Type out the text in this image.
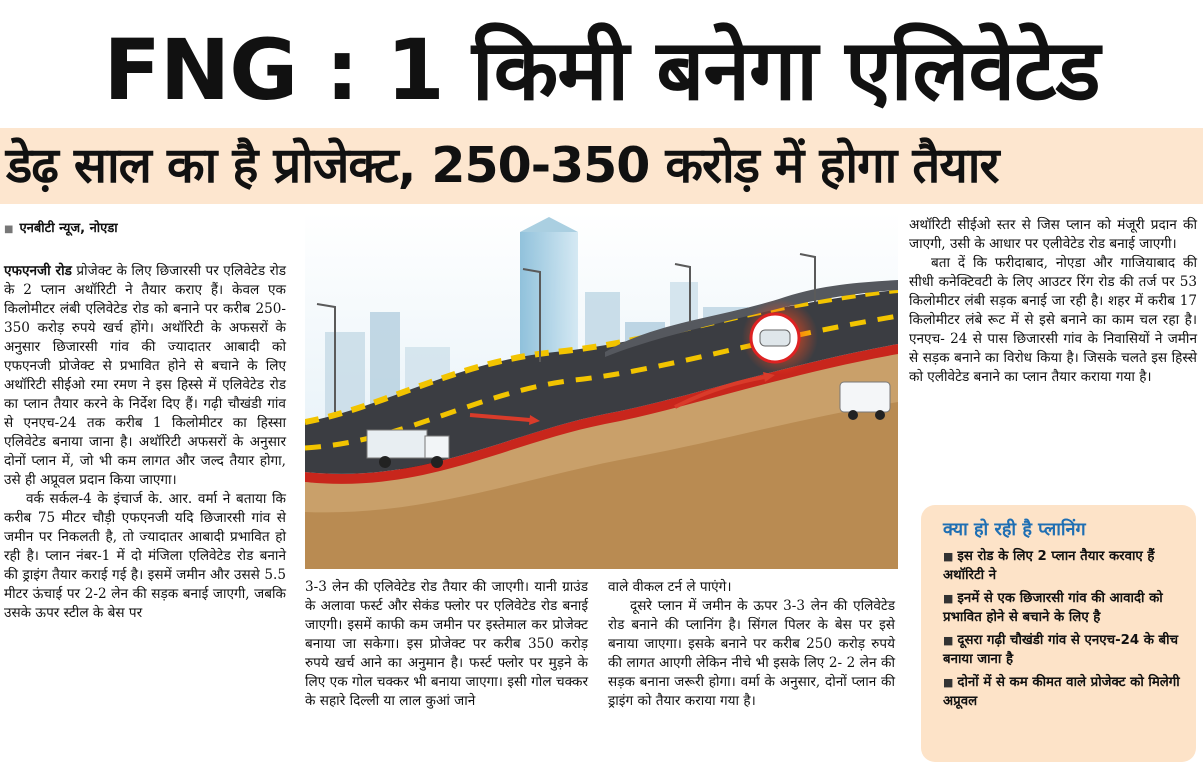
FNG : 1 किमी बनेगा एलिवेटेड
डेढ़ साल का है प्रोजेक्ट, 250-350 करोड़ में होगा तैयार
■ एनबीटी न्यूज, नोएडा

एफएनजी रोड प्रोजेक्ट के लिए छिजारसी पर एलिवेटेड रोड के 2 प्लान अथॉरिटी ने तैयार कराए हैं। केवल एक किलोमीटर लंबी एलिवेटेड रोड को बनाने पर करीब 250-350 करोड़ रुपये खर्च होंगे। अथॉरिटी के अफसरों के अनुसार छिजारसी गांव की ज्यादातर आबादी को एफएनजी प्रोजेक्ट से प्रभावित होने से बचाने के लिए अथॉरिटी सीईओ रमा रमण ने इस हिस्से में एलिवेटेड रोड का प्लान तैयार करने के निर्देश दिए हैं। गढ़ी चौखंडी गांव से एनएच-24 तक करीब 1 किलोमीटर का हिस्सा एलिवेटेड बनाया जाना है। अथॉरिटी अफसरों के अनुसार दोनों प्लान में, जो भी कम लागत और जल्द तैयार होगा, उसे ही अप्रूवल प्रदान किया जाएगा।

वर्क सर्कल-4 के इंचार्ज के. आर. वर्मा ने बताया कि करीब 75 मीटर चौड़ी एफएनजी यदि छिजारसी गांव से जमीन पर निकलती है, तो ज्यादातर आबादी प्रभावित हो रही है। प्लान नंबर-1 में दो मंजिला एलिवेटेड रोड बनाने की ड्राइंग तैयार कराई गई है। इसमें जमीन और उससे 5.5 मीटर ऊंचाई पर 2-2 लेन की सड़क बनाई जाएगी, जबकि उसके ऊपर स्टील के बेस पर

3-3 लेन की एलिवेटेड रोड तैयार की जाएगी। यानी ग्राउंड के अलावा फर्स्ट और सेकंड फ्लोर पर एलिवेटेड रोड बनाई जाएगी। इसमें काफी कम जमीन पर इस्तेमाल कर प्रोजेक्ट बनाया जा सकेगा। इस प्रोजेक्ट पर करीब 350 करोड़ रुपये खर्च आने का अनुमान है। फर्स्ट फ्लोर पर मुड़ने के लिए एक गोल चक्कर भी बनाया जाएगा। इसी गोल चक्कर के सहारे दिल्ली या लाल कुआं जाने

वाले वीकल टर्न ले पाएंगे।

दूसरे प्लान में जमीन के ऊपर 3-3 लेन की एलिवेटेड रोड बनाने की प्लानिंग है। सिंगल पिलर के बेस पर इसे बनाया जाएगा। इसके बनाने पर करीब 250 करोड़ रुपये की लागत आएगी लेकिन नीचे भी इसके लिए 2- 2 लेन की सड़क बनाना जरूरी होगा। वर्मा के अनुसार, दोनों प्लान की ड्राइंग को तैयार कराया गया है।

अथॉरिटी सीईओ स्तर से जिस प्लान को मंजूरी प्रदान की जाएगी, उसी के आधार पर एलीवेटेड रोड बनाई जाएगी।

बता दें कि फरीदाबाद, नोएडा और गाजियाबाद की सीधी कनेक्टिवटी के लिए आउटर रिंग रोड की तर्ज पर 53 किलोमीटर लंबी सड़क बनाई जा रही है। शहर में करीब 17 किलोमीटर लंबे रूट में से इसे बनाने का काम चल रहा है। एनएच- 24 से पास छिजारसी गांव के निवासियों ने जमीन से सड़क बनाने का विरोध किया है। जिसके चलते इस हिस्से को एलीवेटेड बनाने का प्लान तैयार कराया गया है।

क्या हो रही है प्लानिंग
■ इस रोड के लिए 2 प्लान तैयार करवाए हैं अथॉरिटी ने
■ इनमें से एक छिजारसी गांव की आवादी को प्रभावित होने से बचाने के लिए है
■ दूसरा गढ़ी चौखंडी गांव से एनएच-24 के बीच बनाया जाना है
■ दोनों में से कम कीमत वाले प्रोजेक्ट को मिलेगी अप्रूवल
